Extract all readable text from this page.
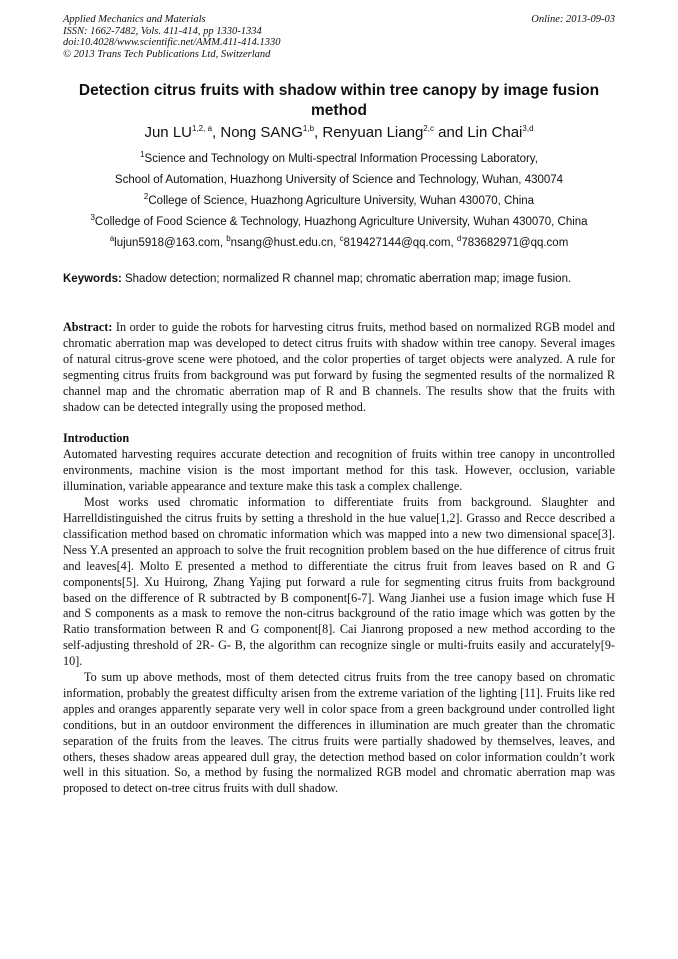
Applied Mechanics and Materials
ISSN: 1662-7482, Vols. 411-414, pp 1330-1334
doi:10.4028/www.scientific.net/AMM.411-414.1330
© 2013 Trans Tech Publications Ltd, Switzerland
Online: 2013-09-03
Detection citrus fruits with shadow within tree canopy by image fusion method
Jun LU$^{1,2, a}$, Nong SANG$^{1,b}$, Renyuan Liang$^{2,c}$ and Lin Chai$^{3,d}$
$^1$Science and Technology on Multi-spectral Information Processing Laboratory,
School of Automation, Huazhong University of Science and Technology, Wuhan, 430074
$^2$College of Science, Huazhong Agriculture University, Wuhan 430070, China
$^3$Colledge of Food Science & Technology, Huazhong Agriculture University, Wuhan 430070, China
$^a$lujun5918@163.com, $^b$nsang@hust.edu.cn, $^c$819427144@qq.com, $^d$783682971@qq.com
Keywords: Shadow detection; normalized R channel map; chromatic aberration map; image fusion.

Abstract: In order to guide the robots for harvesting citrus fruits, method based on normalized RGB model and chromatic aberration map was developed to detect citrus fruits with shadow within tree canopy. Several images of natural citrus-grove scene were photoed, and the color properties of target objects were analyzed. A rule for segmenting citrus fruits from background was put forward by fusing the segmented results of the normalized R channel map and the chromatic aberration map of R and B channels. The results show that the fruits with shadow can be detected integrally using the proposed method.

Introduction

Automated harvesting requires accurate detection and recognition of fruits within tree canopy in uncontrolled environments, machine vision is the most important method for this task. However, occlusion, variable illumination, variable appearance and texture make this task a complex challenge.

Most works used chromatic information to differentiate fruits from background. Slaughter and Harrelldistinguished the citrus fruits by setting a threshold in the hue value[1,2]. Grasso and Recce described a classification method based on chromatic information which was mapped into a new two dimensional space[3]. Ness Y.A presented an approach to solve the fruit recognition problem based on the hue difference of citrus fruit and leaves[4]. Molto E presented a method to differentiate the citrus fruit from leaves based on R and G components[5]. Xu Huirong, Zhang Yajing put forward a rule for segmenting citrus fruits from background based on the difference of R subtracted by B component[6-7]. Wang Jianhei use a fusion image which fuse H and S components as a mask to remove the non-citrus background of the ratio image which was gotten by the Ratio transformation between R and G component[8]. Cai Jianrong proposed a new method according to the self-adjusting threshold of 2R- G- B, the algorithm can recognize single or multi-fruits easily and accurately[9-10].

To sum up above methods, most of them detected citrus fruits from the tree canopy based on chromatic information, probably the greatest difficulty arisen from the extreme variation of the lighting [11]. Fruits like red apples and oranges apparently separate very well in color space from a green background under controlled light conditions, but in an outdoor environment the differences in illumination are much greater than the chromatic separation of the fruits from the leaves. The citrus fruits were partially shadowed by themselves, leaves, and others, theses shadow areas appeared dull gray, the detection method based on color information couldn’t work well in this situation. So, a method by fusing the normalized RGB model and chromatic aberration map was proposed to detect on-tree citrus fruits with dull shadow.
